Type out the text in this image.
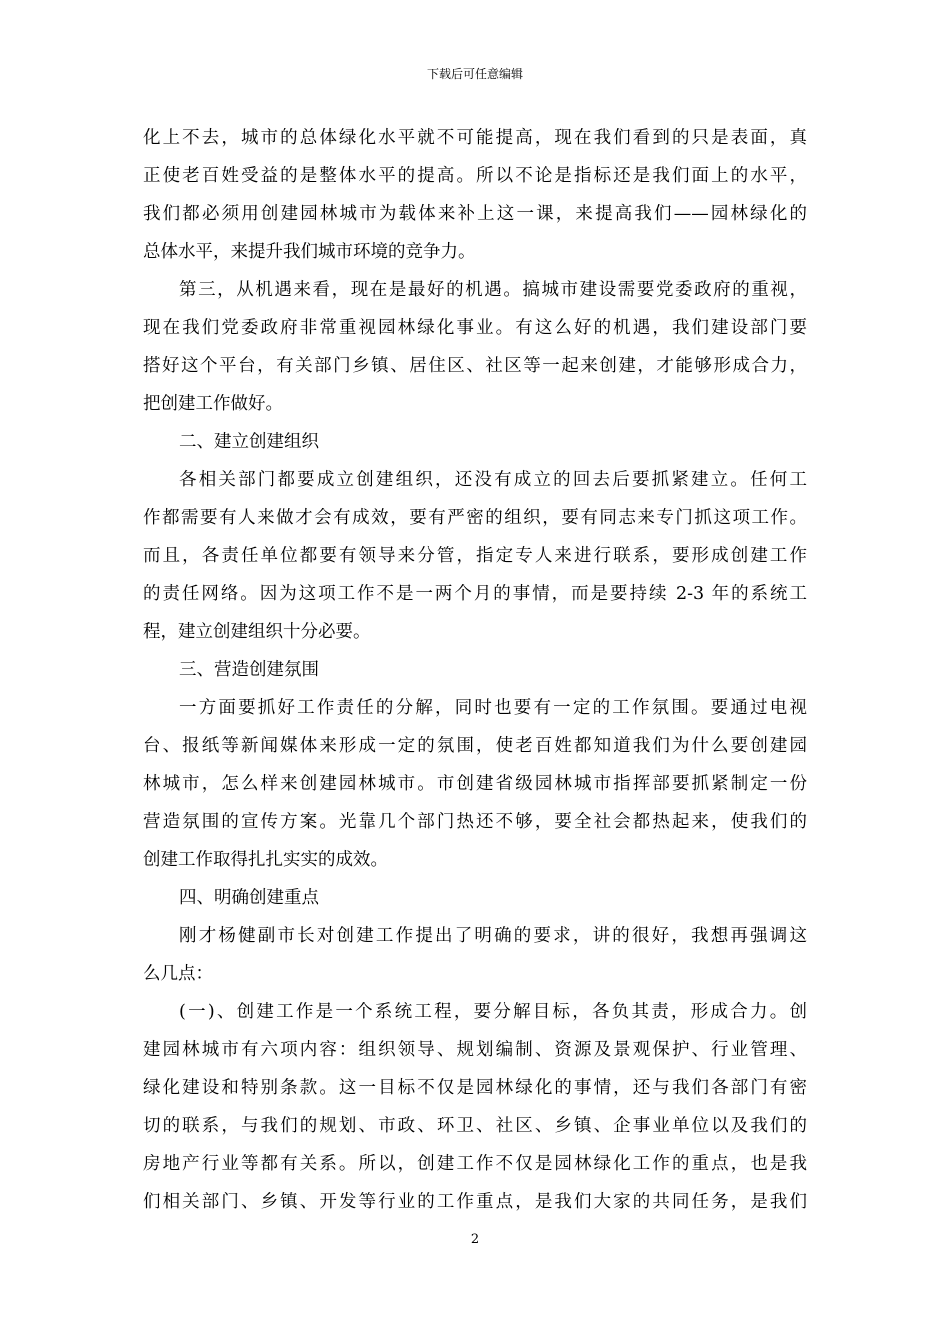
下载后可任意编辑
化上不去，城市的总体绿化水平就不可能提高，现在我们看到的只是表面，真
正使老百姓受益的是整体水平的提高。所以不论是指标还是我们面上的水平，
我们都必须用创建园林城市为载体来补上这一课，来提高我们——园林绿化的
总体水平，来提升我们城市环境的竞争力。
第三，从机遇来看，现在是最好的机遇。搞城市建设需要党委政府的重视，
现在我们党委政府非常重视园林绿化事业。有这么好的机遇，我们建设部门要
搭好这个平台，有关部门乡镇、居住区、社区等一起来创建，才能够形成合力，
把创建工作做好。
二、建立创建组织
各相关部门都要成立创建组织，还没有成立的回去后要抓紧建立。任何工
作都需要有人来做才会有成效，要有严密的组织，要有同志来专门抓这项工作。
而且，各责任单位都要有领导来分管，指定专人来进行联系，要形成创建工作
的责任网络。因为这项工作不是一两个月的事情，而是要持续 2-3 年的系统工
程，建立创建组织十分必要。
三、营造创建氛围
一方面要抓好工作责任的分解，同时也要有一定的工作氛围。要通过电视
台、报纸等新闻媒体来形成一定的氛围，使老百姓都知道我们为什么要创建园
林城市，怎么样来创建园林城市。市创建省级园林城市指挥部要抓紧制定一份
营造氛围的宣传方案。光靠几个部门热还不够，要全社会都热起来，使我们的
创建工作取得扎扎实实的成效。
四、明确创建重点
刚才杨健副市长对创建工作提出了明确的要求，讲的很好，我想再强调这
么几点：
(一)、创建工作是一个系统工程，要分解目标，各负其责，形成合力。创
建园林城市有六项内容：组织领导、规划编制、资源及景观保护、行业管理、
绿化建设和特别条款。这一目标不仅是园林绿化的事情，还与我们各部门有密
切的联系，与我们的规划、市政、环卫、社区、乡镇、企事业单位以及我们的
房地产行业等都有关系。所以，创建工作不仅是园林绿化工作的重点，也是我
们相关部门、乡镇、开发等行业的工作重点，是我们大家的共同任务，是我们
2
